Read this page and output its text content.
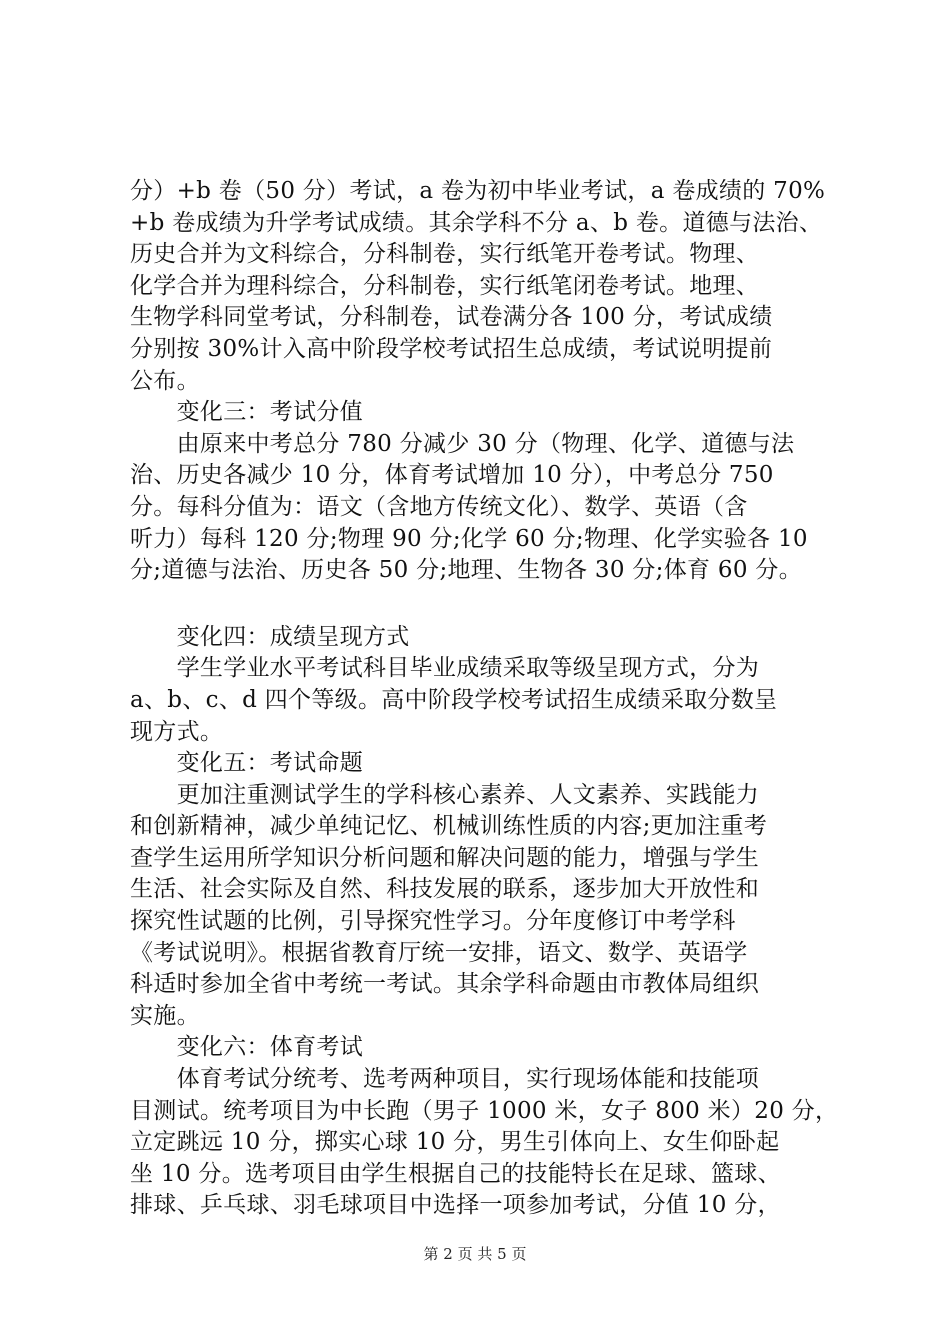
分）+b 卷（50 分）考试，a 卷为初中毕业考试，a 卷成绩的 70%
+b 卷成绩为升学考试成绩。其余学科不分 a、b 卷。道德与法治、
历史合并为文科综合，分科制卷，实行纸笔开卷考试。物理、
化学合并为理科综合，分科制卷，实行纸笔闭卷考试。地理、
生物学科同堂考试，分科制卷，试卷满分各 100 分，考试成绩
分别按 30%计入高中阶段学校考试招生总成绩，考试说明提前
公布。
　　变化三：考试分值
　　由原来中考总分 780 分减少 30 分（物理、化学、道德与法
治、历史各减少 10 分，体育考试增加 10 分），中考总分 750
分。每科分值为：语文（含地方传统文化）、数学、英语（含
听力）每科 120 分;物理 90 分;化学 60 分;物理、化学实验各 10
分;道德与法治、历史各 50 分;地理、生物各 30 分;体育 60 分。
　　变化四：成绩呈现方式
　　学生学业水平考试科目毕业成绩采取等级呈现方式，分为
a、b、c、d 四个等级。高中阶段学校考试招生成绩采取分数呈
现方式。
　　变化五：考试命题
　　更加注重测试学生的学科核心素养、人文素养、实践能力
和创新精神，减少单纯记忆、机械训练性质的内容;更加注重考
查学生运用所学知识分析问题和解决问题的能力，增强与学生
生活、社会实际及自然、科技发展的联系，逐步加大开放性和
探究性试题的比例，引导探究性学习。分年度修订中考学科
《考试说明》。根据省教育厅统一安排，语文、数学、英语学
科适时参加全省中考统一考试。其余学科命题由市教体局组织
实施。
　　变化六：体育考试
　　体育考试分统考、选考两种项目，实行现场体能和技能项
目测试。统考项目为中长跑（男子 1000 米，女子 800 米）20 分，
立定跳远 10 分，掷实心球 10 分，男生引体向上、女生仰卧起
坐 10 分。选考项目由学生根据自己的技能特长在足球、篮球、
排球、乒乓球、羽毛球项目中选择一项参加考试，分值 10 分，
第 2 页 共 5 页
